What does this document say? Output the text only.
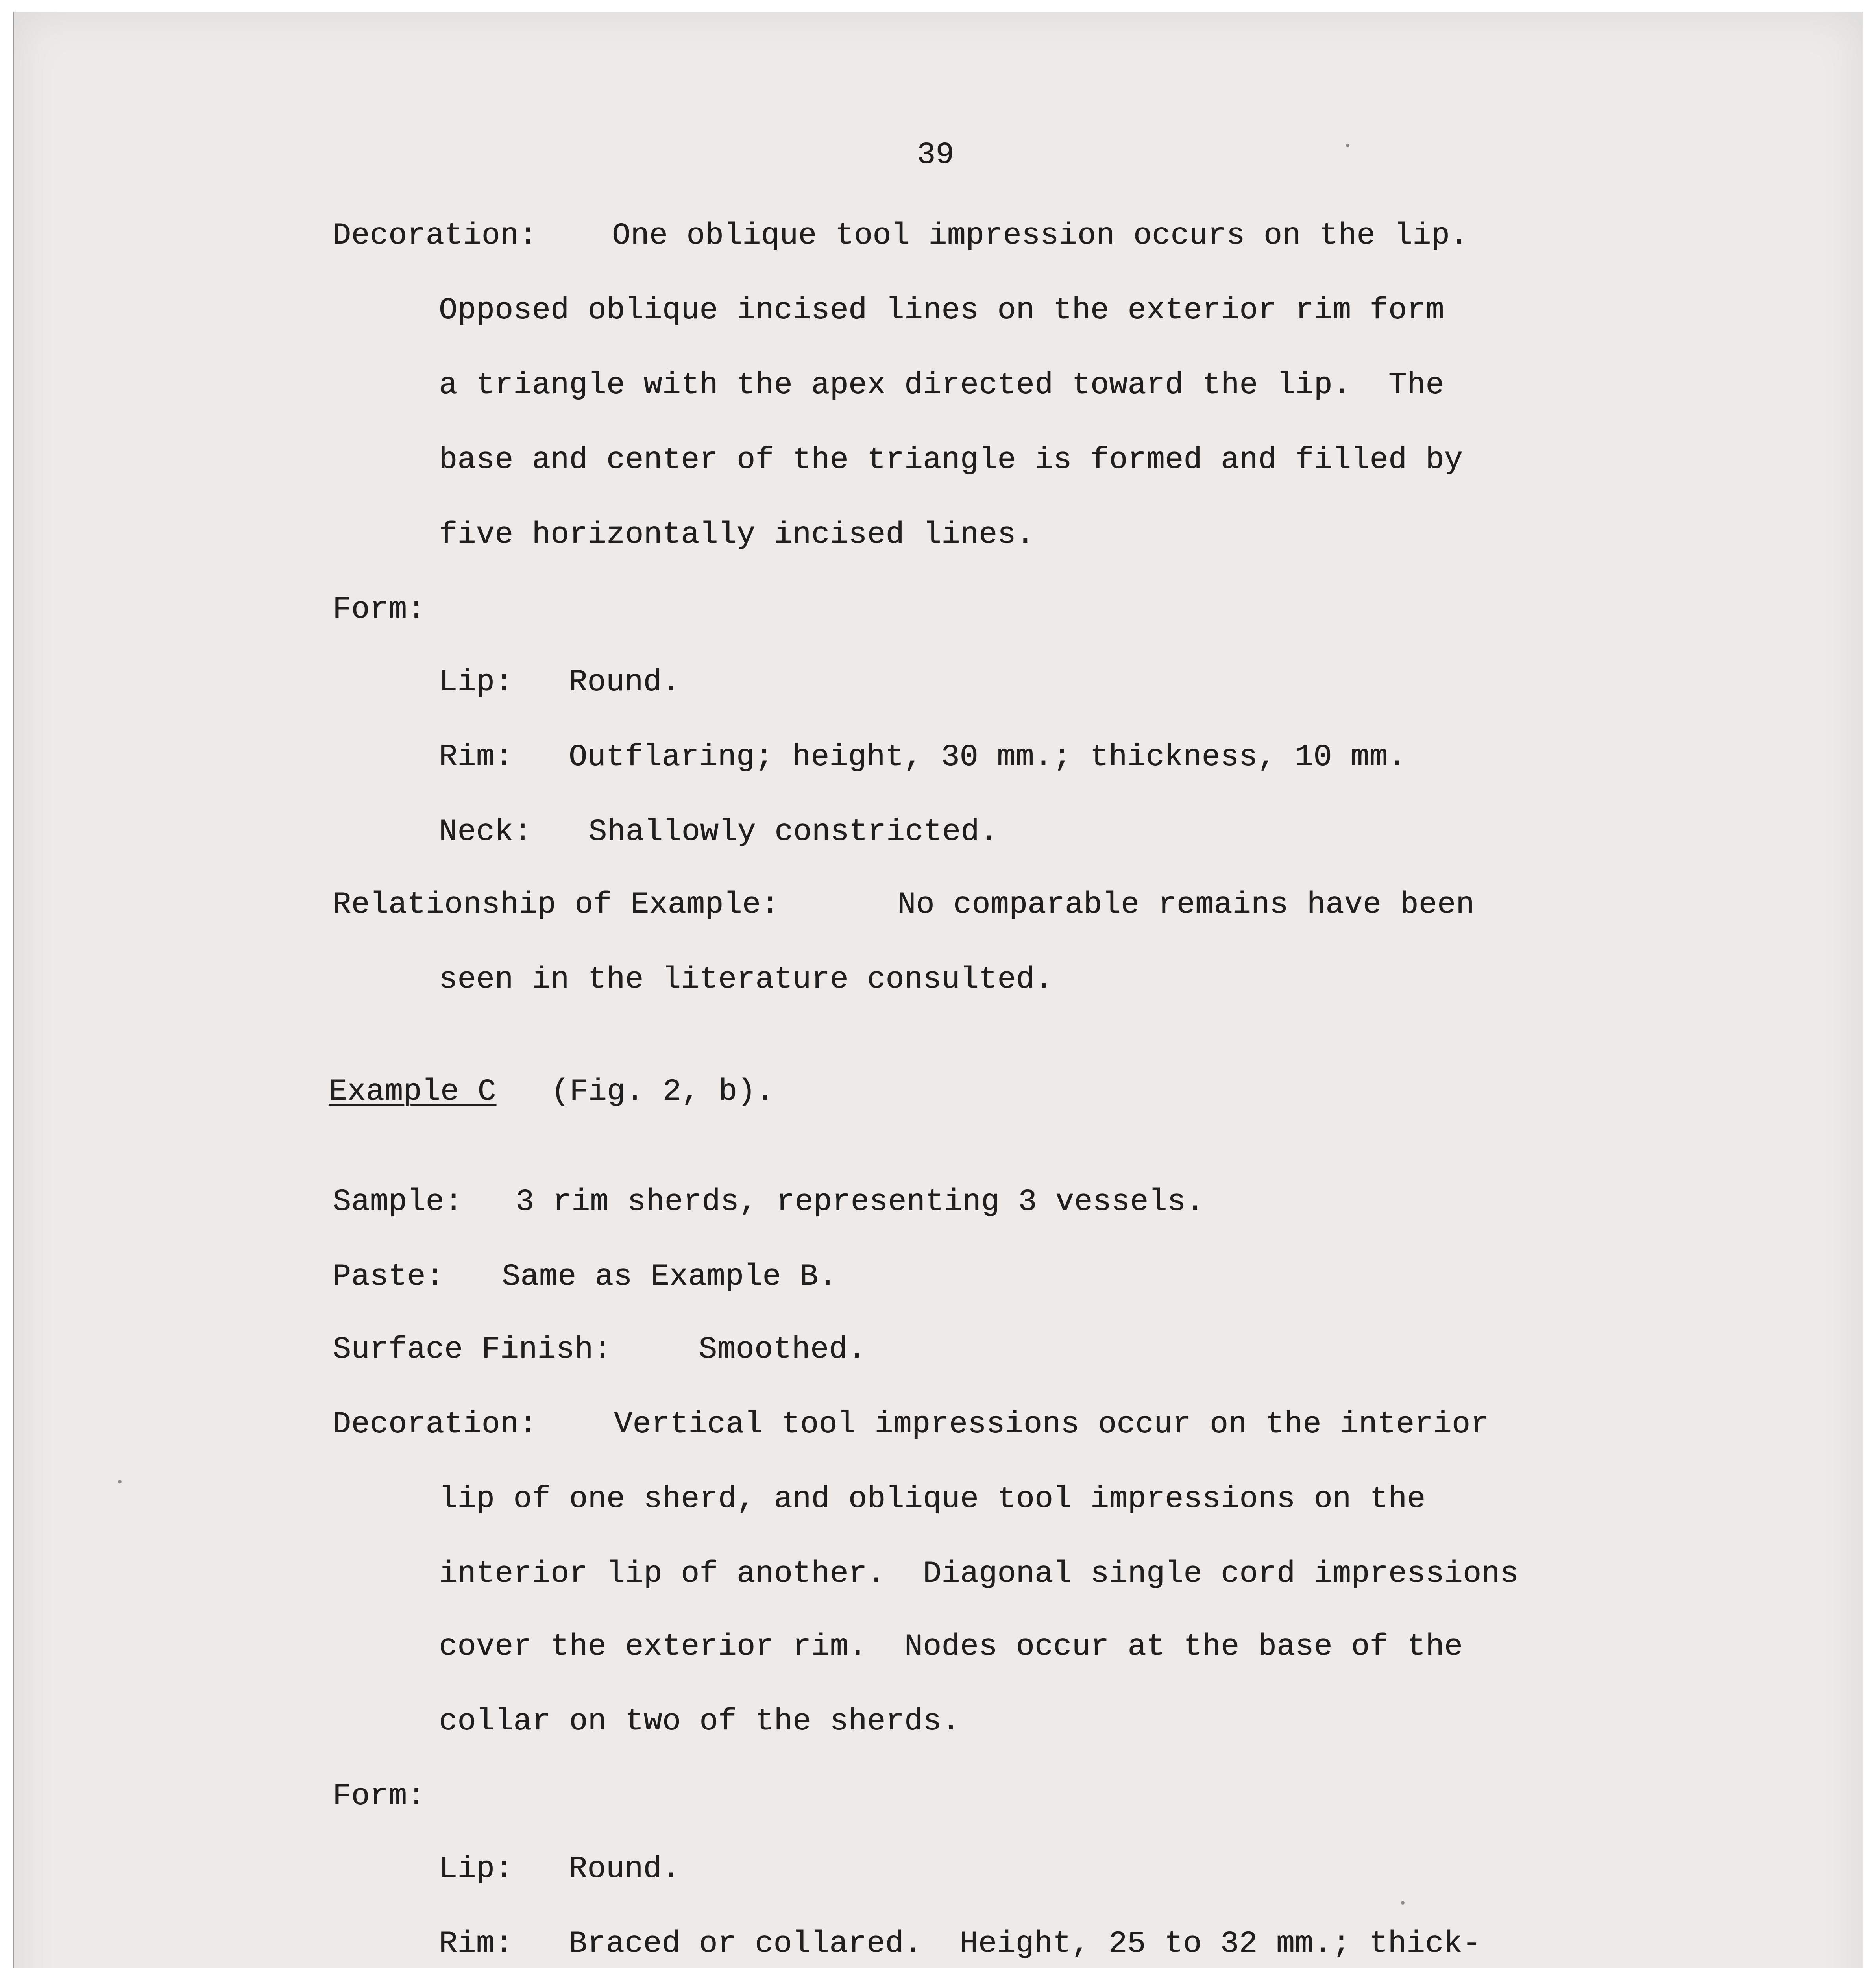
39
Decoration: One oblique tool impression occurs on the lip.
Opposed oblique incised lines on the exterior rim form
a triangle with the apex directed toward the lip.  The
base and center of the triangle is formed and filled by
five horizontally incised lines.
Form:
Lip: Round.
Rim: Outflaring; height, 30 mm.; thickness, 10 mm.
Neck: Shallowly constricted.
Relationship of Example:	No comparable remains have been
seen in the literature consulted.
Example C (Fig. 2, b).
Sample: 3 rim sherds, representing 3 vessels.
Paste: Same as Example B.
Surface Finish:	Smoothed.
Decoration: Vertical tool impressions occur on the interior
lip of one sherd, and oblique tool impressions on the
interior lip of another.  Diagonal single cord impressions
cover the exterior rim.  Nodes occur at the base of the
collar on two of the sherds.
Form:
Lip: Round.
Rim: Braced or collared.  Height, 25 to 32 mm.; thick-
